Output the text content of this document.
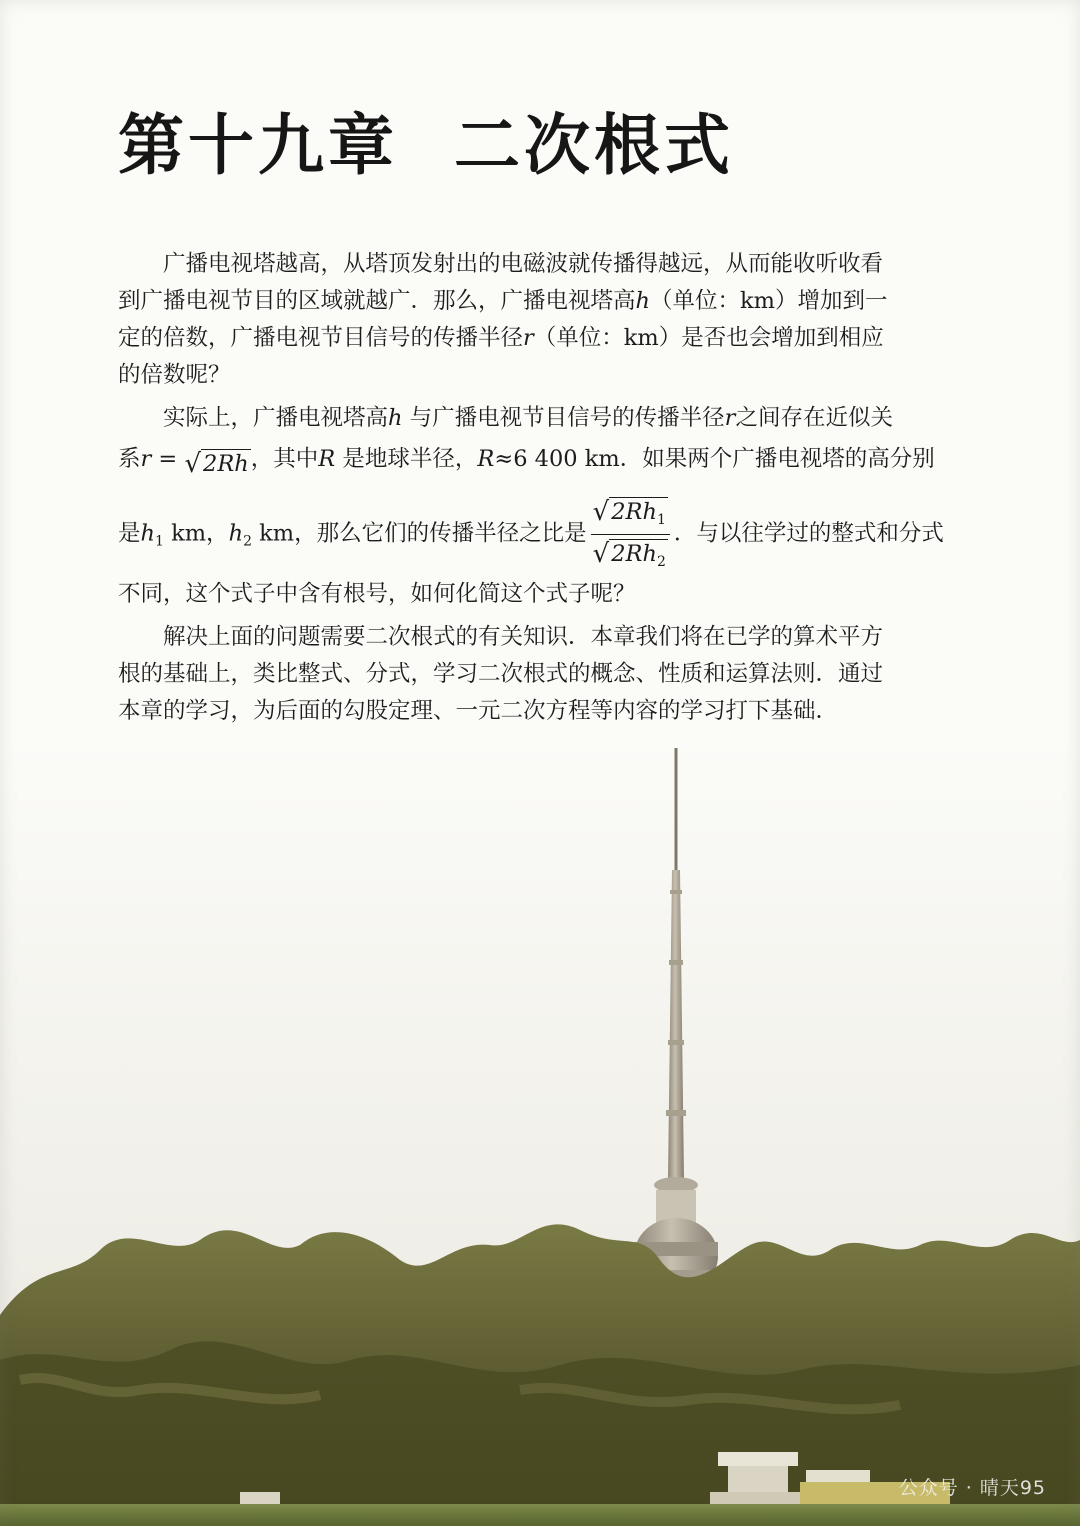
第十九章 二次根式

广播电视塔越高，从塔顶发射出的电磁波就传播得越远，从而能收听收看
到广播电视节目的区域就越广．那么，广播电视塔高h（单位：km）增加到一
定的倍数，广播电视节目信号的传播半径r（单位：km）是否也会增加到相应
的倍数呢？

实际上，广播电视塔高h 与广播电视节目信号的传播半径r之间存在近似关
系r = √ 2Rh ，其中R 是地球半径，R≈6 400 km．如果两个广播电视塔的高分别
是$h_1$ km，$h_2$ km，那么它们的传播半径之比是 $\frac{√ 2Rh_1}{√ 2Rh_2}$ ．与以往学过的整式和分式
不同，这个式子中含有根号，如何化简这个式子呢？

解决上面的问题需要二次根式的有关知识．本章我们将在已学的算术平方
根的基础上，类比整式、分式，学习二次根式的概念、性质和运算法则．通过
本章的学习，为后面的勾股定理、一元二次方程等内容的学习打下基础．

公众号 · 晴天95
